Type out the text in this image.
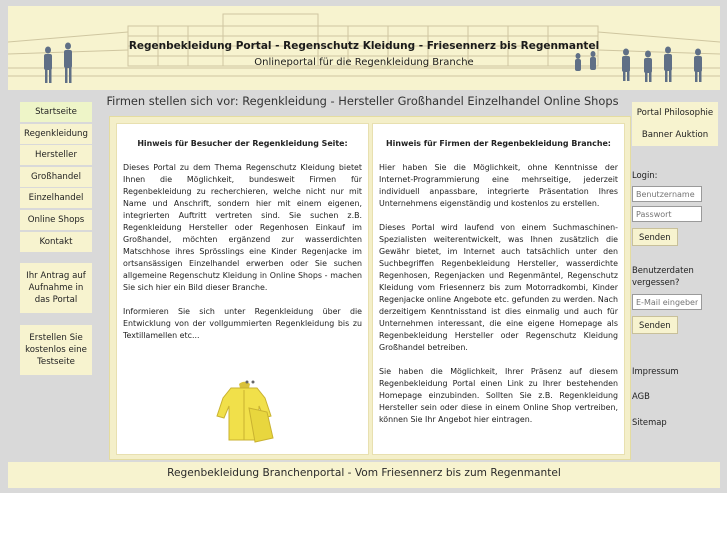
Regenbekleidung Portal - Regenschutz Kleidung - Friesennerz bis Regenmantel
Onlineportal für die Regenkleidung Branche
Startseite
Regenkleidung
Hersteller
Großhandel
Einzelhandel
Online Shops
Kontakt
Ihr Antrag auf Aufnahme in das Portal
Erstellen Sie kostenlos eine Testseite
Firmen stellen sich vor: Regenkleidung - Hersteller Großhandel Einzelhandel Online Shops
Hinweis für Besucher der Regenkleidung Seite:

Dieses Portal zu dem Thema Regenschutz Kleidung bietet Ihnen die Möglichkeit, bundesweit Firmen für Regenbekleidung zu recherchieren, welche nicht nur mit Name und Anschrift, sondern hier mit einem eigenen, integrierten Auftritt vertreten sind. Sie suchen z.B. Regenkleidung Hersteller oder Regenhosen Einkauf im Großhandel, möchten ergänzend zur wasserdichten Matschhose ihres Sprösslings eine Kinder Regenjacke im ortsansässigen Einzelhandel erwerben oder Sie suchen allgemeine Regenschutz Kleidung in Online Shops - machen Sie sich hier ein Bild dieser Branche.

Informieren Sie sich unter Regenkleidung über die Entwicklung von der vollgummierten Regenkleidung bis zu Textillamellen etc...

Hinweis für Firmen der Regenbekleidung Branche:

Hier haben Sie die Möglichkeit, ohne Kenntnisse der Internet-Programmierung eine mehrseitige, jederzeit individuell anpassbare, integrierte Präsentation Ihres Unternehmens eigenständig und kostenlos zu erstellen.

Dieses Portal wird laufend von einem Suchmaschinen-Spezialisten weiterentwickelt, was Ihnen zusätzlich die Gewähr bietet, im Internet auch tatsächlich unter den Suchbegriffen Regenbekleidung Hersteller, wasserdichte Regenhosen, Regenjacken und Regenmäntel, Regenschutz Kleidung vom Friesennerz bis zum Motorradkombi, Kinder Regenjacke online Angebote etc. gefunden zu werden. Nach derzeitigem Kenntnisstand ist dies einmalig und auch für Unternehmen interessant, die eine eigene Homepage als Regenbekleidung Hersteller oder Regenschutz Kleidung Großhandel betreiben.

Sie haben die Möglichkeit, Ihrer Präsenz auf diesem Regenbekleidung Portal einen Link zu Ihrer bestehenden Homepage einzubinden. Sollten Sie z.B. Regenkleidung Hersteller sein oder diese in einem Online Shop vertreiben, können Sie Ihr Angebot hier eintragen.

Portal Philosophie
Banner Auktion
Login:
Benutzername
Passwort Senden
Benutzerdaten vergessen?
E-Mail eingeben Senden
Impressum
AGB
Sitemap
Regenbekleidung Branchenportal - Vom Friesennerz bis zum Regenmantel
